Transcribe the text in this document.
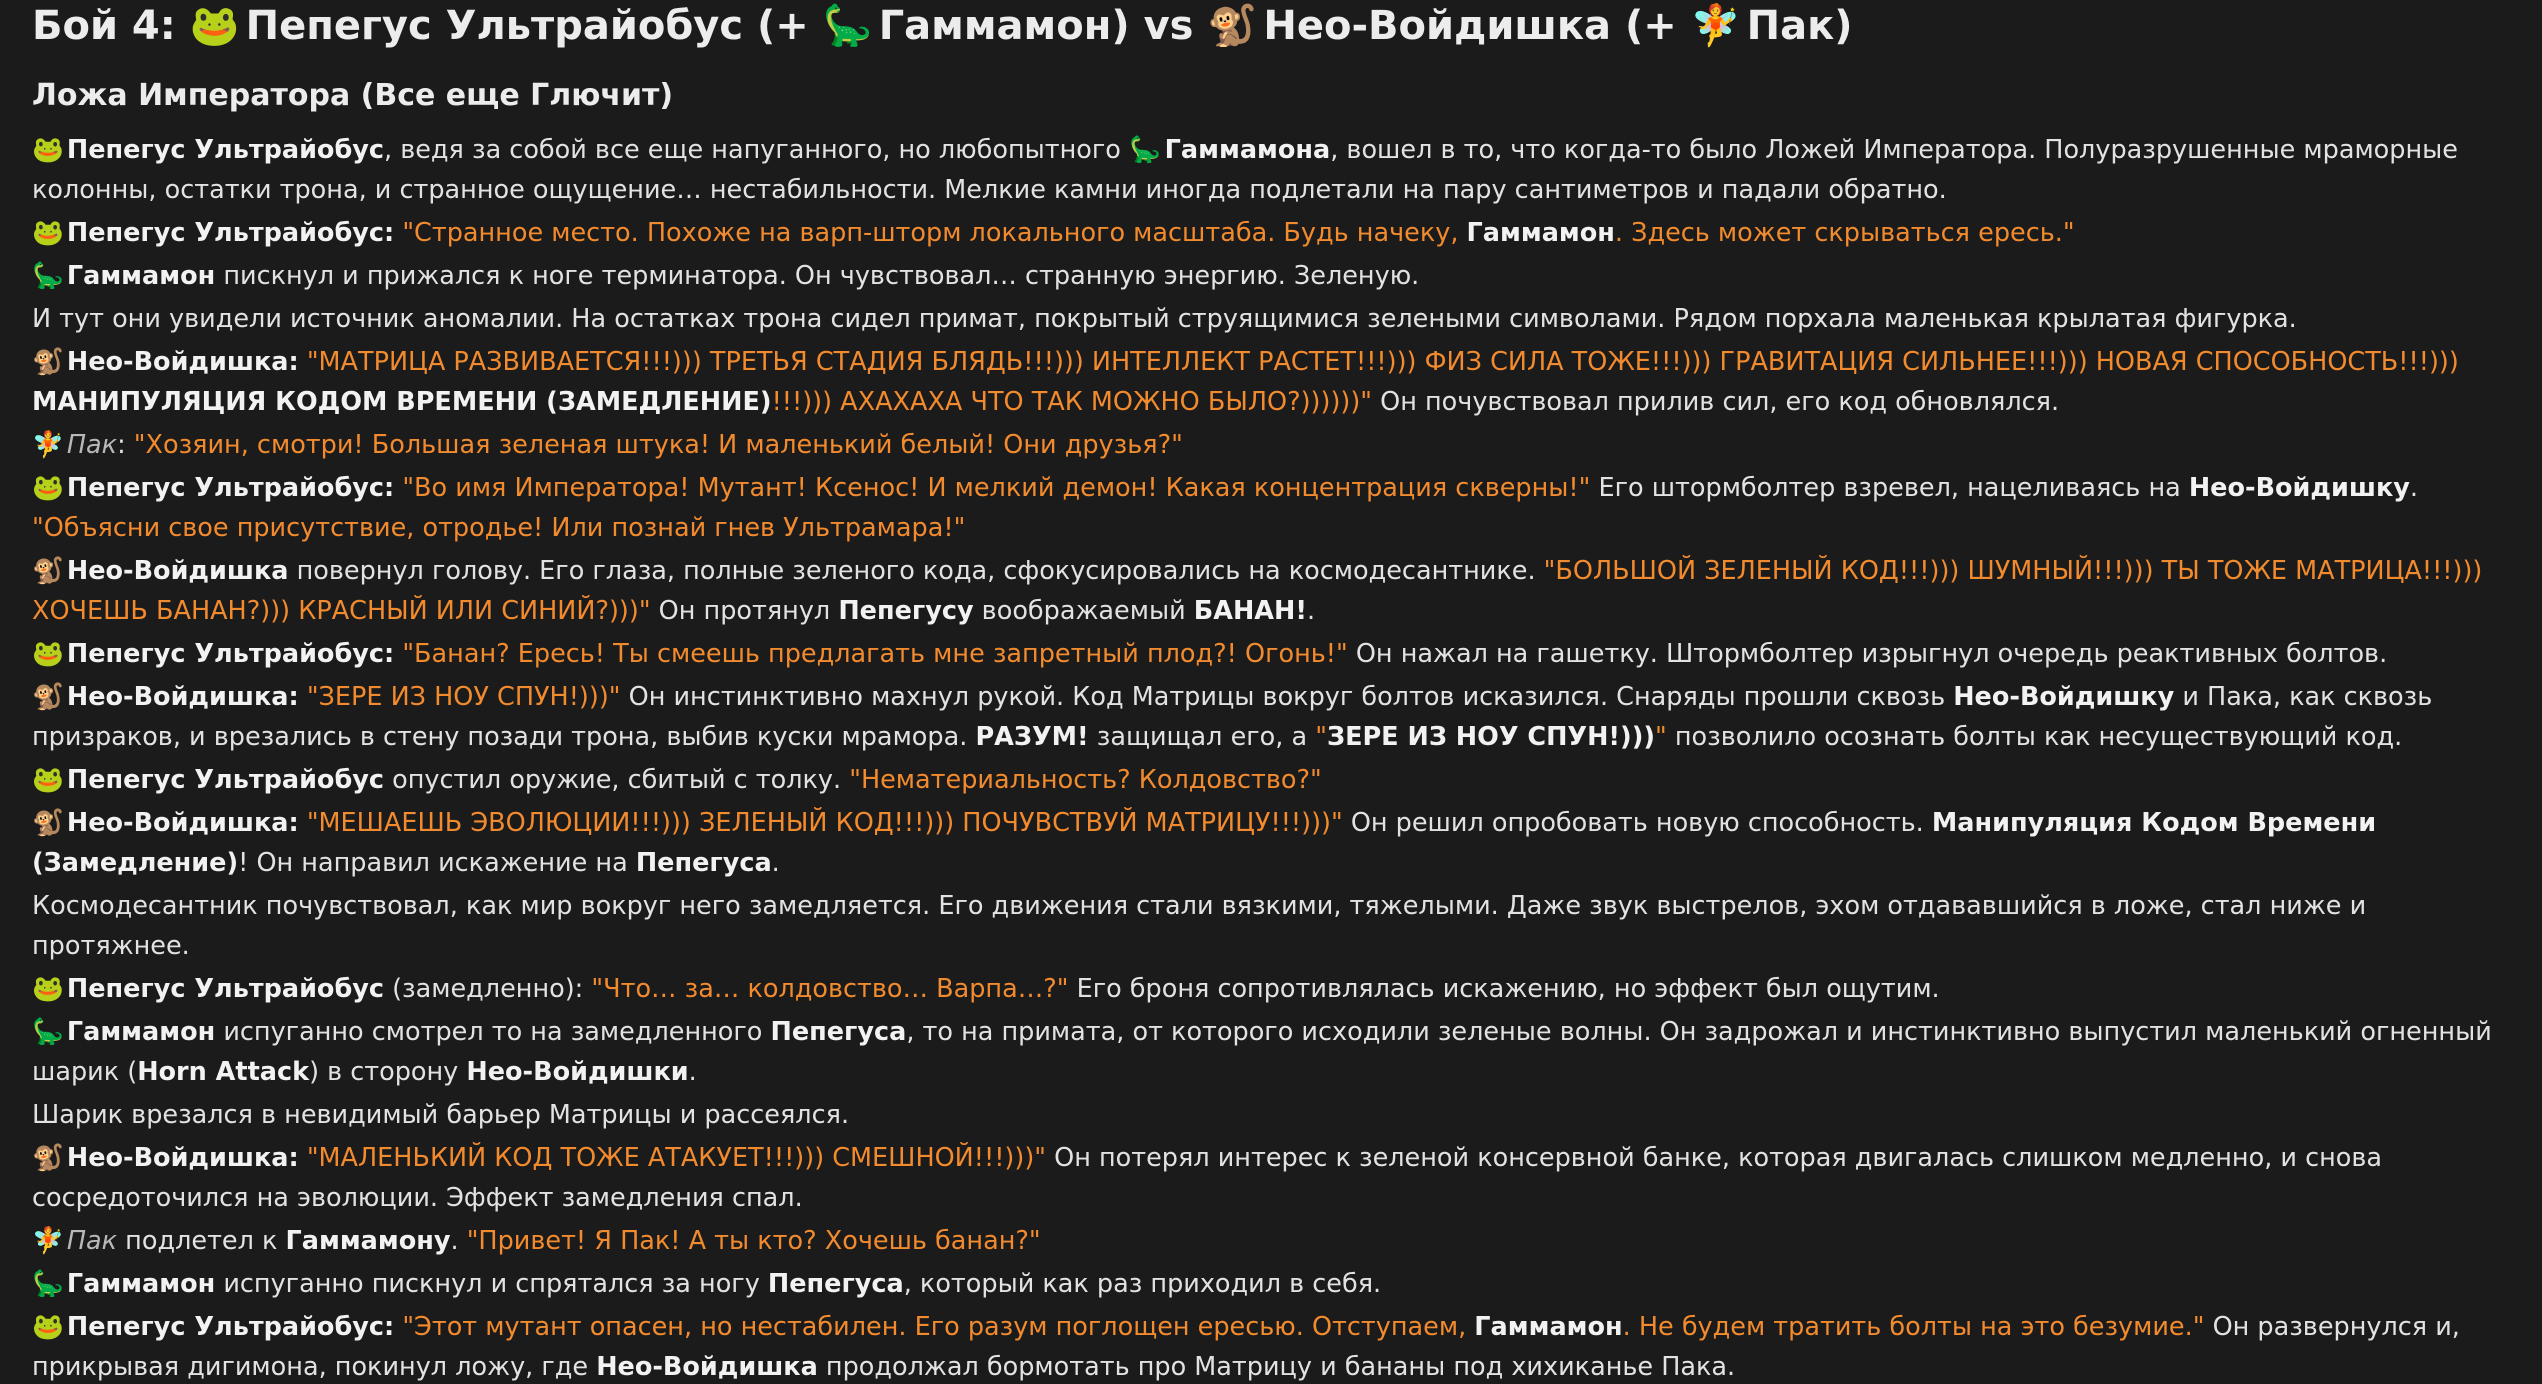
Бой 4: 🐸 Пепегус Ультрайобус (+ 🦕 Гаммамон) vs 🐒 Нео-Войдишка (+ 🧚 Пак)
Ложа Императора (Все еще Глючит)

🐸 Пепегус Ультрайобус, ведя за собой все еще напуганного, но любопытного 🦕 Гаммамона, вошел в то, что когда-то было Ложей Императора. Полуразрушенные мраморные колонны, остатки трона, и странное ощущение… нестабильности. Мелкие камни иногда подлетали на пару сантиметров и падали обратно.

🐸 Пепегус Ультрайобус: "Странное место. Похоже на варп-шторм локального масштаба. Будь начеку, Гаммамон. Здесь может скрываться ересь."

🦕 Гаммамон пискнул и прижался к ноге терминатора. Он чувствовал… странную энергию. Зеленую.

И тут они увидели источник аномалии. На остатках трона сидел примат, покрытый струящимися зелеными символами. Рядом порхала маленькая крылатая фигурка.

🐒 Нео-Войдишка: "МАТРИЦА РАЗВИВАЕТСЯ!!!))) ТРЕТЬЯ СТАДИЯ БЛЯДЬ!!!))) ИНТЕЛЛЕКТ РАСТЕТ!!!))) ФИЗ СИЛА ТОЖЕ!!!))) ГРАВИТАЦИЯ СИЛЬНЕЕ!!!))) НОВАЯ СПОСОБНОСТЬ!!!))) МАНИПУЛЯЦИЯ КОДОМ ВРЕМЕНИ (ЗАМЕДЛЕНИЕ)!!!))) АХАХАХА ЧТО ТАК МОЖНО БЫЛО?))))))" Он почувствовал прилив сил, его код обновлялся.

🧚 Пак: "Хозяин, смотри! Большая зеленая штука! И маленький белый! Они друзья?"

🐸 Пепегус Ультрайобус: "Во имя Императора! Мутант! Ксенос! И мелкий демон! Какая концентрация скверны!" Его штормболтер взревел, нацеливаясь на Нео-Войдишку. "Объясни свое присутствие, отродье! Или познай гнев Ультрамара!"

🐒 Нео-Войдишка повернул голову. Его глаза, полные зеленого кода, сфокусировались на космодесантнике. "БОЛЬШОЙ ЗЕЛЕНЫЙ КОД!!!))) ШУМНЫЙ!!!))) ТЫ ТОЖЕ МАТРИЦА!!!))) ХОЧЕШЬ БАНАН?))) КРАСНЫЙ ИЛИ СИНИЙ?)))" Он протянул Пепегусу воображаемый БАНАН!.

🐸 Пепегус Ультрайобус: "Банан? Ересь! Ты смеешь предлагать мне запретный плод?! Огонь!" Он нажал на гашетку. Штормболтер изрыгнул очередь реактивных болтов.

🐒 Нео-Войдишка: "ЗЕРЕ ИЗ НОУ СПУН!)))" Он инстинктивно махнул рукой. Код Матрицы вокруг болтов исказился. Снаряды прошли сквозь Нео-Войдишку и Пака, как сквозь призраков, и врезались в стену позади трона, выбив куски мрамора. РАЗУМ! защищал его, а "ЗЕРЕ ИЗ НОУ СПУН!)))" позволило осознать болты как несуществующий код.

🐸 Пепегус Ультрайобус опустил оружие, сбитый с толку. "Нематериальность? Колдовство?"

🐒 Нео-Войдишка: "МЕШАЕШЬ ЭВОЛЮЦИИ!!!))) ЗЕЛЕНЫЙ КОД!!!))) ПОЧУВСТВУЙ МАТРИЦУ!!!)))" Он решил опробовать новую способность. Манипуляция Кодом Времени (Замедление)! Он направил искажение на Пепегуса.

Космодесантник почувствовал, как мир вокруг него замедляется. Его движения стали вязкими, тяжелыми. Даже звук выстрелов, эхом отдававшийся в ложе, стал ниже и протяжнее.

🐸 Пепегус Ультрайобус (замедленно): "Что… за… колдовство… Варпа…?" Его броня сопротивлялась искажению, но эффект был ощутим.

🦕 Гаммамон испуганно смотрел то на замедленного Пепегуса, то на примата, от которого исходили зеленые волны. Он задрожал и инстинктивно выпустил маленький огненный шарик (Horn Attack) в сторону Нео-Войдишки.

Шарик врезался в невидимый барьер Матрицы и рассеялся.

🐒 Нео-Войдишка: "МАЛЕНЬКИЙ КОД ТОЖЕ АТАКУЕТ!!!))) СМЕШНОЙ!!!)))" Он потерял интерес к зеленой консервной банке, которая двигалась слишком медленно, и снова сосредоточился на эволюции. Эффект замедления спал.

🧚 Пак подлетел к Гаммамону. "Привет! Я Пак! А ты кто? Хочешь банан?"

🦕 Гаммамон испуганно пискнул и спрятался за ногу Пепегуса, который как раз приходил в себя.

🐸 Пепегус Ультрайобус: "Этот мутант опасен, но нестабилен. Его разум поглощен ересью. Отступаем, Гаммамон. Не будем тратить болты на это безумие." Он развернулся и, прикрывая дигимона, покинул ложу, где Нео-Войдишка продолжал бормотать про Матрицу и бананы под хихиканье Пака.
